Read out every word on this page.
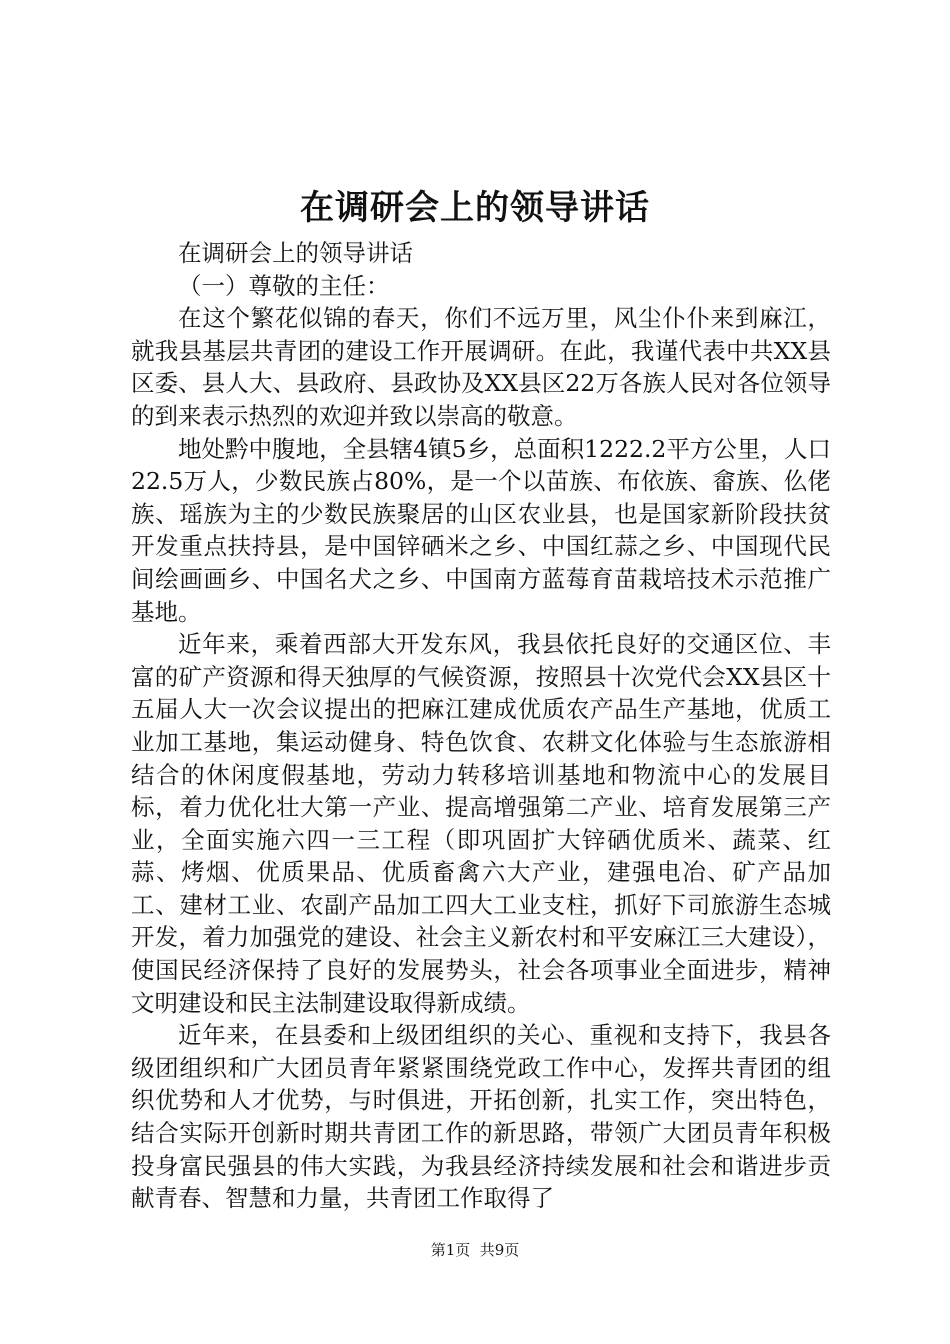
在调研会上的领导讲话

在调研会上的领导讲话

（一）尊敬的主任：

在这个繁花似锦的春天，你们不远万里，风尘仆仆来到麻江，就我县基层共青团的建设工作开展调研。在此，我谨代表中共XX县区委、县人大、县政府、县政协及XX县区22万各族人民对各位领导的到来表示热烈的欢迎并致以崇高的敬意。

地处黔中腹地，全县辖4镇5乡，总面积1222.2平方公里，人口22.5万人，少数民族占80%，是一个以苗族、布依族、畲族、仫佬族、瑶族为主的少数民族聚居的山区农业县，也是国家新阶段扶贫开发重点扶持县，是中国锌硒米之乡、中国红蒜之乡、中国现代民间绘画画乡、中国名犬之乡、中国南方蓝莓育苗栽培技术示范推广基地。

近年来，乘着西部大开发东风，我县依托良好的交通区位、丰富的矿产资源和得天独厚的气候资源，按照县十次党代会XX县区十五届人大一次会议提出的把麻江建成优质农产品生产基地，优质工业加工基地，集运动健身、特色饮食、农耕文化体验与生态旅游相结合的休闲度假基地，劳动力转移培训基地和物流中心的发展目标，着力优化壮大第一产业、提高增强第二产业、培育发展第三产业，全面实施六四一三工程（即巩固扩大锌硒优质米、蔬菜、红蒜、烤烟、优质果品、优质畜禽六大产业，建强电冶、矿产品加工、建材工业、农副产品加工四大工业支柱，抓好下司旅游生态城开发，着力加强党的建设、社会主义新农村和平安麻江三大建设），使国民经济保持了良好的发展势头，社会各项事业全面进步，精神文明建设和民主法制建设取得新成绩。

近年来，在县委和上级团组织的关心、重视和支持下，我县各级团组织和广大团员青年紧紧围绕党政工作中心，发挥共青团的组织优势和人才优势，与时俱进，开拓创新，扎实工作，突出特色，结合实际开创新时期共青团工作的新思路，带领广大团员青年积极投身富民强县的伟大实践，为我县经济持续发展和社会和谐进步贡献青春、智慧和力量，共青团工作取得了

第1页  共9页
